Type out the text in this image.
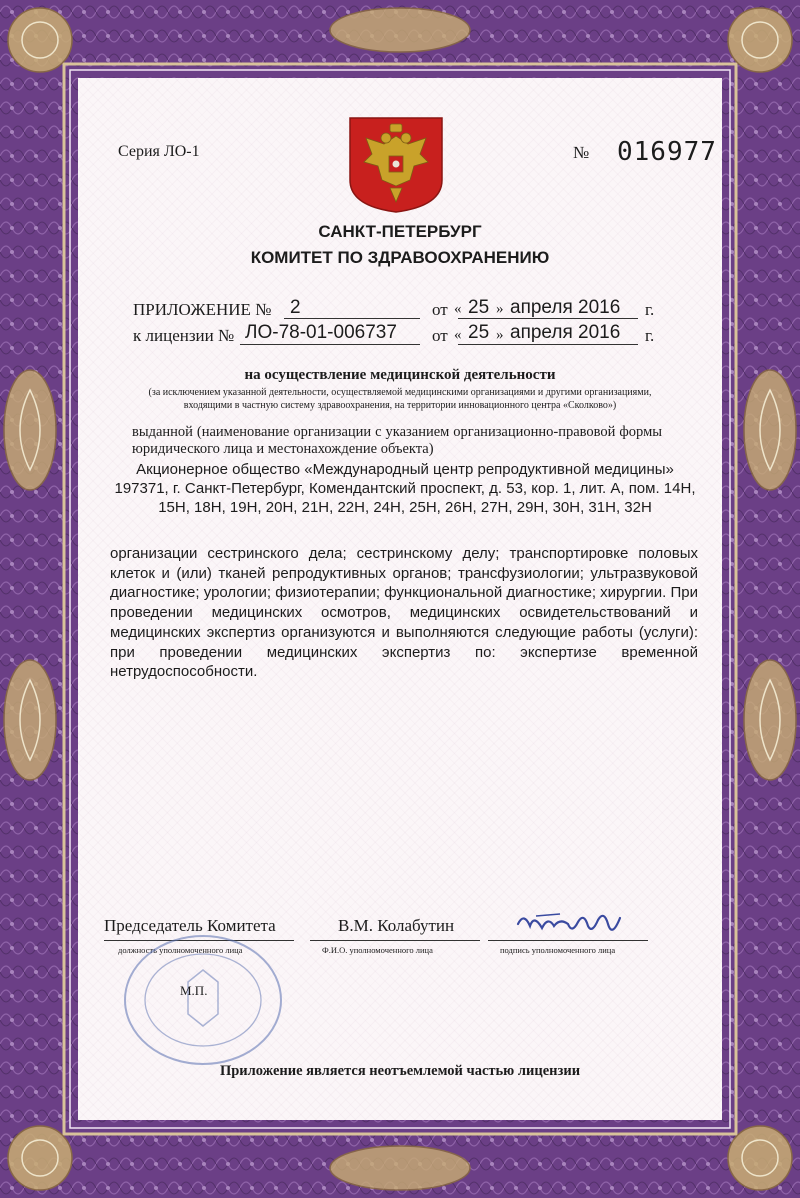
Серия ЛО-1	№ 016977
САНКТ-ПЕТЕРБУРГ
КОМИТЕТ ПО ЗДРАВООХРАНЕНИЮ
ПРИЛОЖЕНИЕ № 2	от « 25 » апреля 2016 г.
к лицензии № ЛО-78-01-006737 от « 25 » апреля 2016 г.
на осуществление медицинской деятельности
(за исключением указанной деятельности, осуществляемой медицинскими организациями и другими организациями, входящими в частную систему здравоохранения, на территории инновационного центра «Сколково»)
выданной (наименование организации с указанием организационно-правовой формы юридического лица и местонахождение объекта)
Акционерное общество «Международный центр репродуктивной медицины»
197371, г. Санкт-Петербург, Комендантский проспект, д. 53, кор. 1, лит. А, пом. 14Н,
15Н, 18Н, 19Н, 20Н, 21Н, 22Н, 24Н, 25Н, 26Н, 27Н, 29Н, 30Н, 31Н, 32Н
организации сестринского дела; сестринскому делу; транспортировке половых клеток и (или) тканей репродуктивных органов; трансфузиологии; ультразвуковой диагностике; урологии; физиотерапии; функциональной диагностике; хирургии. При проведении медицинских осмотров, медицинских освидетельствований и медицинских экспертиз организуются и выполняются следующие работы (услуги): при проведении медицинских экспертиз по: экспертизе временной нетрудоспособности.
Председатель Комитета
должность уполномоченного лица
В.М. Колабутин
Ф.И.О. уполномоченного лица	подпись уполномоченного лица
М.П.
Приложение является неотъемлемой частью лицензии
